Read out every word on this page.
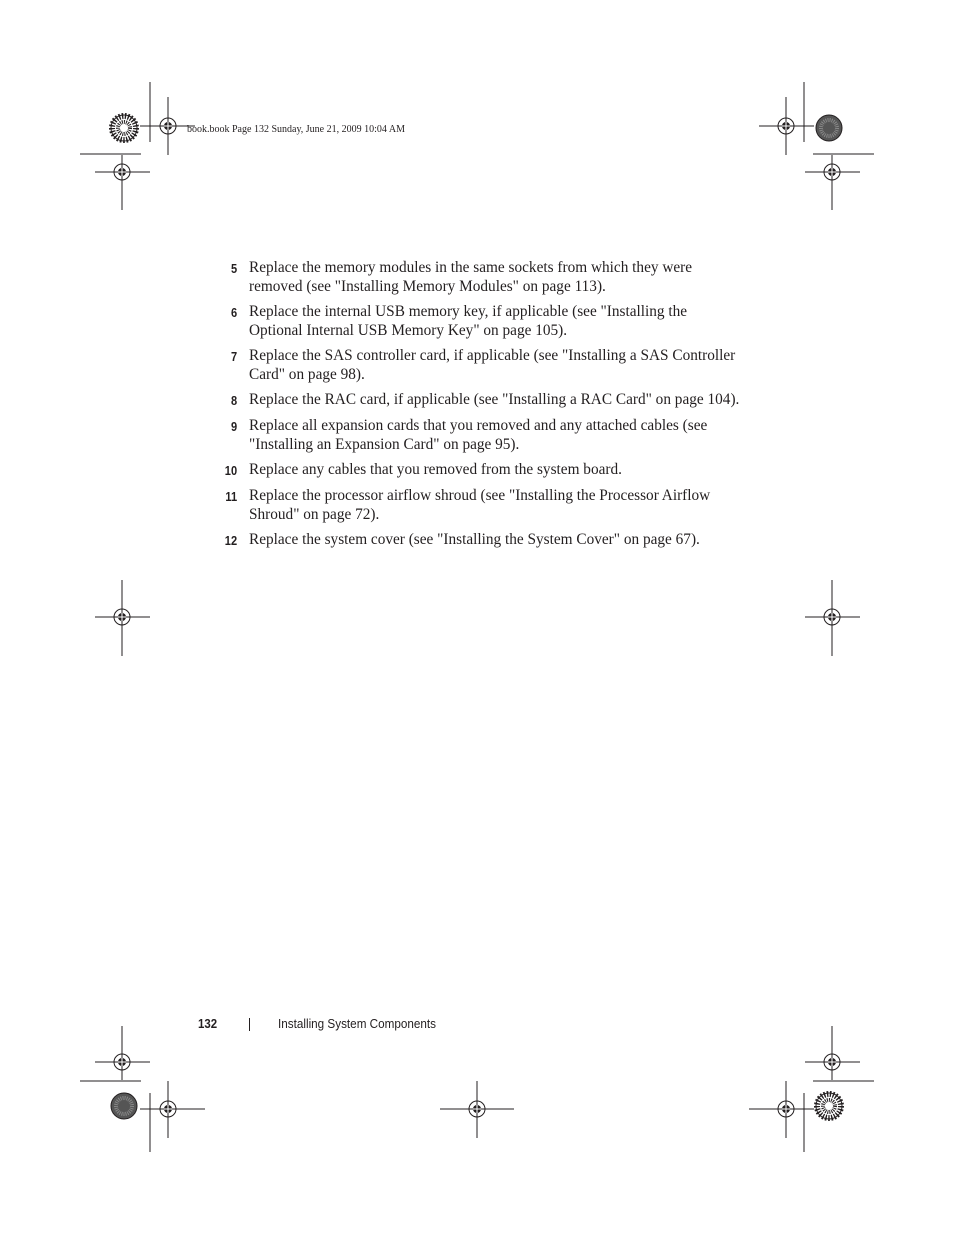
book.book Page 132 Sunday, June 21, 2009 10:04 AM
5 Replace the memory modules in the same sockets from which they were removed (see "Installing Memory Modules" on page 113).
6 Replace the internal USB memory key, if applicable (see "Installing the Optional Internal USB Memory Key" on page 105).
7 Replace the SAS controller card, if applicable (see "Installing a SAS Controller Card" on page 98).
8 Replace the RAC card, if applicable (see "Installing a RAC Card" on page 104).
9 Replace all expansion cards that you removed and any attached cables (see "Installing an Expansion Card" on page 95).
10 Replace any cables that you removed from the system board.
11 Replace the processor airflow shroud (see "Installing the Processor Airflow Shroud" on page 72).
12 Replace the system cover (see "Installing the System Cover" on page 67).
132	Installing System Components
